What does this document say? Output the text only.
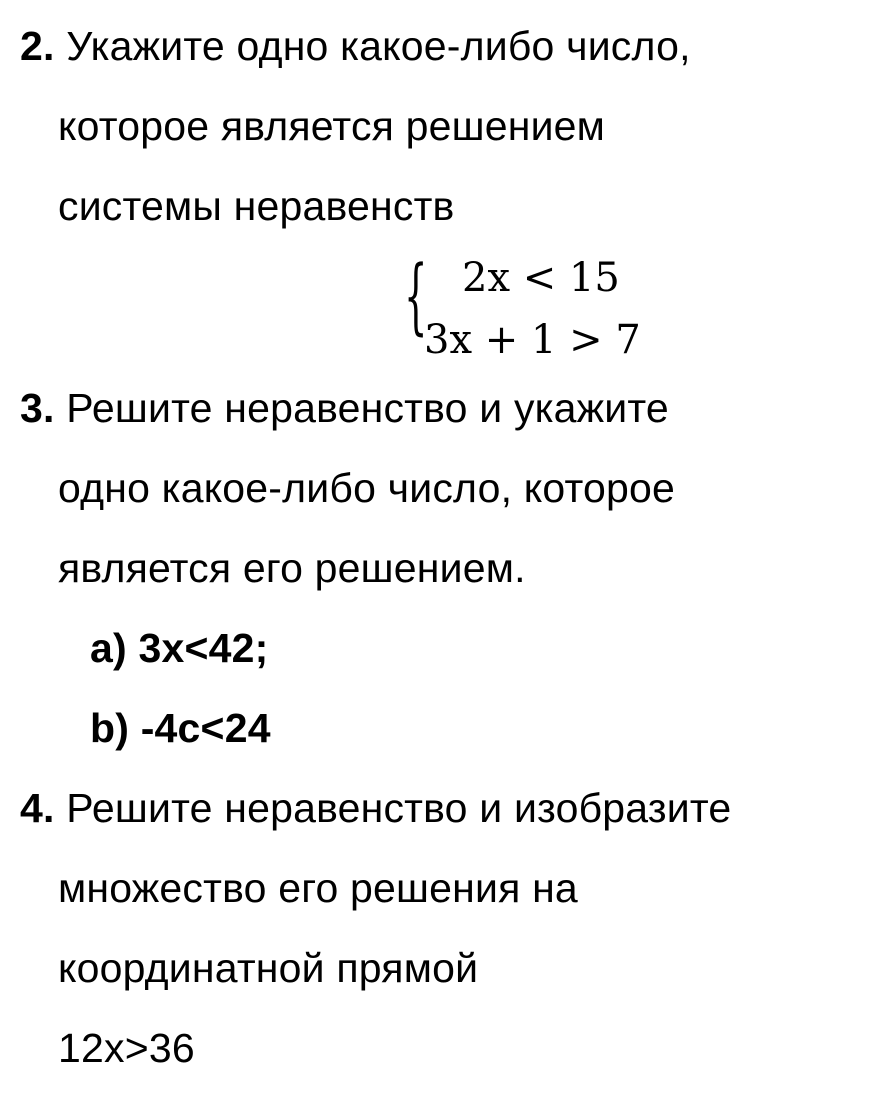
2. Укажите одно какое-либо число,
которое является решением
системы неравенств
{ 2x < 15
3x + 1 > 7
3. Решите неравенство и укажите
одно какое-либо число, которое
является его решением.
a) 3x<42;
b) -4c<24
4. Решите неравенство и изобразите
множество его решения на
координатной прямой
12x>36
